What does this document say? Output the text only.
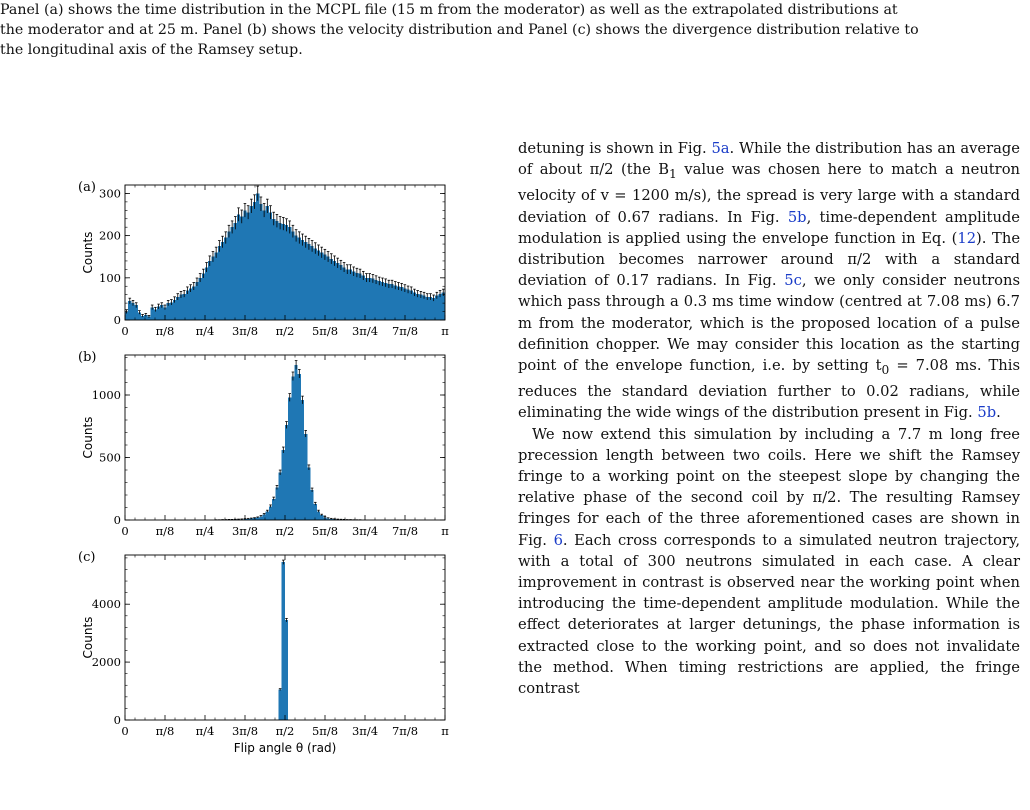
Panel (a) shows the time distribution in the MCPL file (15 m from the moderator) as well as the extrapolated distributions at
the moderator and at 25 m. Panel (b) shows the velocity distribution and Panel (c) shows the divergence distribution relative to
the longitudinal axis of the Ramsey setup.
0 π/8 π/4 3π/8 π/2 5π/8 3π/4 7π/8 π
0
100
200
300
Counts
(a)
0 π/8 π/4 3π/8 π/2 5π/8 3π/4 7π/8 π
0
500
1000
Counts
(b)
0 π/8 π/4 3π/8 π/2 5π/8 3π/4 7π/8 π
0
2000
4000
Counts
(c)
Flip angle θ (rad)

detuning is shown in Fig. 5a. While the distribution has an average of about π/2 (the $B_1$ value was chosen here to match a neutron velocity of v = 1200 m/s), the spread is very large with a standard deviation of 0.67 radians. In Fig. 5b, time-dependent amplitude modulation is applied using the envelope function in Eq. (12). The distribution becomes narrower around π/2 with a standard deviation of 0.17 radians. In Fig. 5c, we only consider neutrons which pass through a 0.3 ms time window (centred at 7.08 ms) 6.7 m from the moderator, which is the proposed location of a pulse definition chopper. We may consider this location as the starting point of the envelope function, i.e. by setting $t_0 = 7.08$ ms. This reduces the standard deviation further to 0.02 radians, while eliminating the wide wings of the distribution present in Fig. 5b.

We now extend this simulation by including a 7.7 m long free precession length between two coils. Here we shift the Ramsey fringe to a working point on the steepest slope by changing the relative phase of the second coil by π/2. The resulting Ramsey fringes for each of the three aforementioned cases are shown in Fig. 6. Each cross corresponds to a simulated neutron trajectory, with a total of 300 neutrons simulated in each case. A clear improvement in contrast is observed near the working point when introducing the time-dependent amplitude modulation. While the effect deteriorates at larger detunings, the phase information is extracted close to the working point, and so does not invalidate the method. When timing restrictions are applied, the fringe contrast
